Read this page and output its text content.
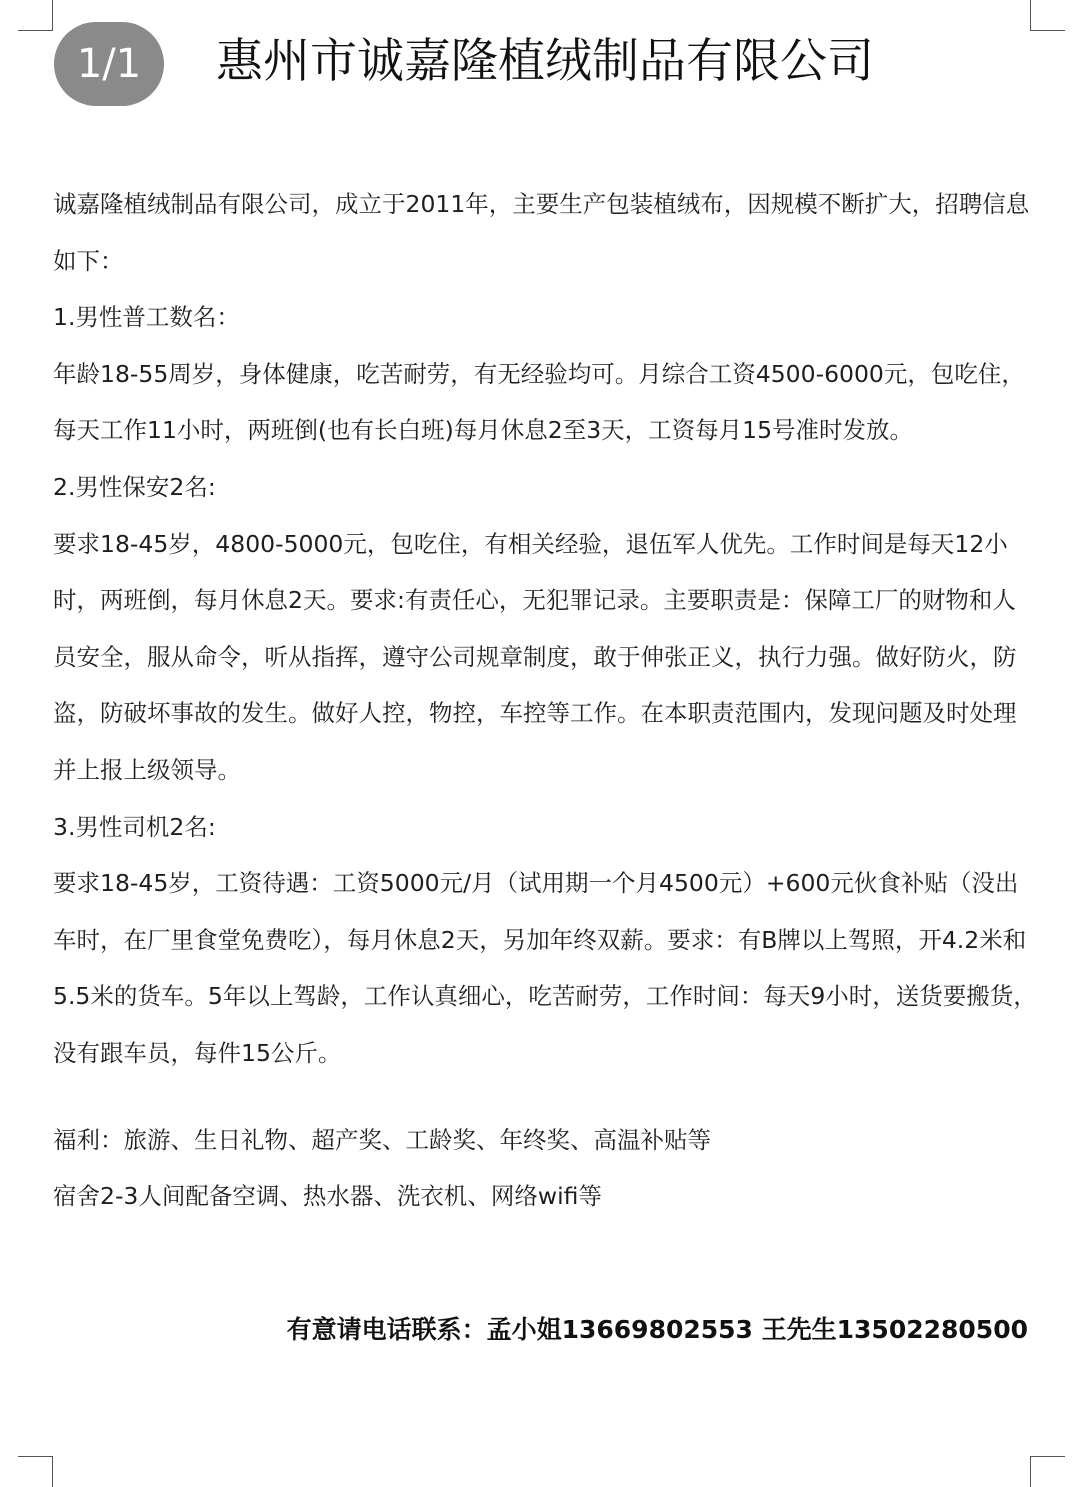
1/1	惠州市诚嘉隆植绒制品有限公司

诚嘉隆植绒制品有限公司，成立于2011年，主要生产包装植绒布，因规模不断扩大，招聘信息如下：

1.男性普工数名：

年龄18-55周岁，身体健康，吃苦耐劳，有无经验均可。月综合工资4500-6000元，包吃住，每天工作11小时，两班倒(也有长白班)每月休息2至3天，工资每月15号准时发放。

2.男性保安2名:

要求18-45岁，4800-5000元，包吃住，有相关经验，退伍军人优先。工作时间是每天12小时，两班倒，每月休息2天。要求:有责任心，无犯罪记录。主要职责是：保障工厂的财物和人员安全，服从命令，听从指挥，遵守公司规章制度，敢于伸张正义，执行力强。做好防火，防盗，防破坏事故的发生。做好人控，物控，车控等工作。在本职责范围内，发现问题及时处理并上报上级领导。

3.男性司机2名:

要求18-45岁，工资待遇：工资5000元/月（试用期一个月4500元）+600元伙食补贴（没出车时，在厂里食堂免费吃），每月休息2天，另加年终双薪。要求：有B牌以上驾照，开4.2米和5.5米的货车。5年以上驾龄，工作认真细心，吃苦耐劳，工作时间：每天9小时，送货要搬货，没有跟车员，每件15公斤。

福利：旅游、生日礼物、超产奖、工龄奖、年终奖、高温补贴等

宿舍2-3人间配备空调、热水器、洗衣机、网络wifi等

有意请电话联系：孟小姐13669802553 王先生13502280500
